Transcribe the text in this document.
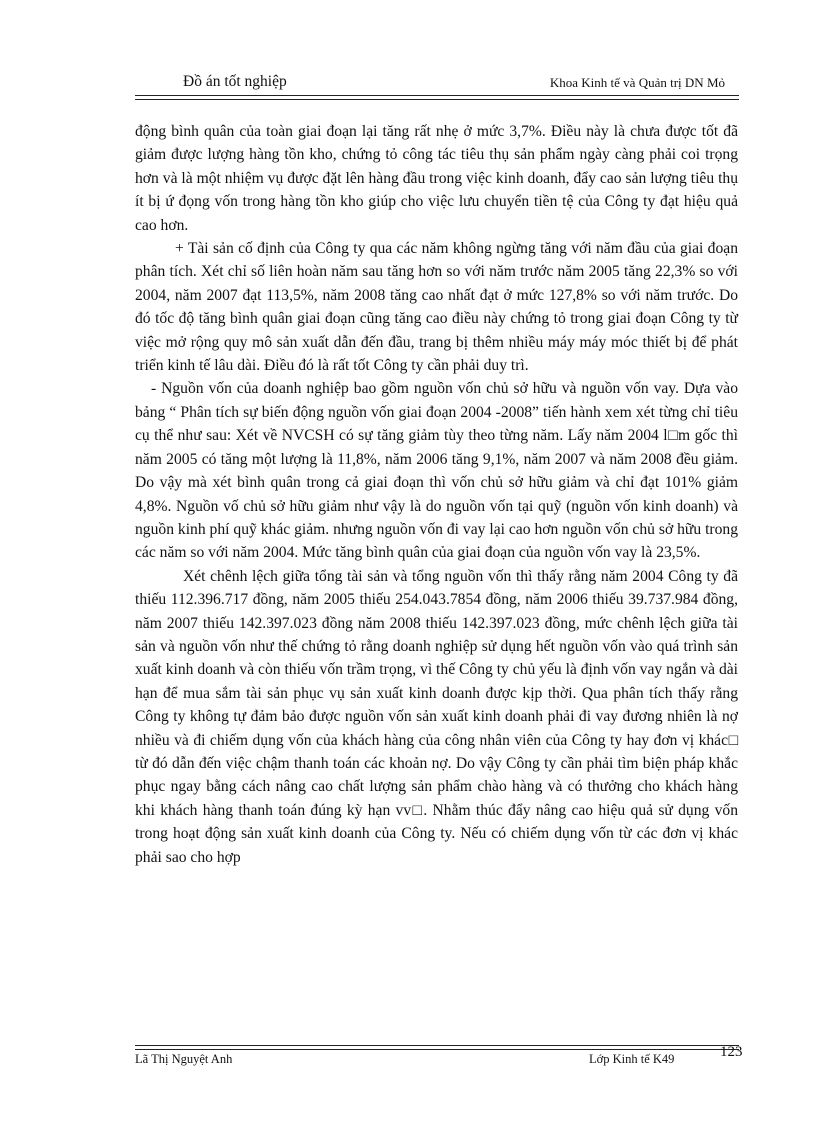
Đồ án tốt nghiệp	Khoa Kinh tế và Quản trị DN Mỏ

động bình quân của toàn giai đoạn lại tăng rất nhẹ ở mức 3,7%. Điều này là chưa được tốt đã giảm được lượng hàng tồn kho, chứng tỏ công tác tiêu thụ sản phẩm ngày càng phải coi trọng hơn và là một nhiệm vụ được đặt lên hàng đầu trong việc kinh doanh, đẩy cao sản lượng tiêu thụ ít bị ứ đọng vốn trong hàng tồn kho giúp cho việc lưu chuyển tiền tệ của Công ty đạt hiệu quả cao hơn.

+ Tài sản cố định của Công ty qua các năm không ngừng tăng với năm đầu của giai đoạn phân tích. Xét chỉ số liên hoàn năm sau tăng hơn so với năm trước năm 2005 tăng 22,3% so với 2004, năm 2007 đạt 113,5%, năm 2008 tăng cao nhất đạt ở mức 127,8% so với năm trước. Do đó tốc độ tăng bình quân giai đoạn cũng tăng cao điều này chứng tỏ trong giai đoạn Công ty từ việc mở rộng quy mô sản xuất dẫn đến đầu, trang bị thêm nhiều máy máy móc thiết bị để phát triển kinh tế lâu dài. Điều đó là rất tốt Công ty cần phải duy trì.

- Nguồn vốn của doanh nghiệp bao gồm nguồn vốn chủ sở hữu và nguồn vốn vay. Dựa vào bảng “ Phân tích sự biến động nguồn vốn giai đoạn 2004 -2008” tiến hành xem xét từng chỉ tiêu cụ thể như sau: Xét về NVCSH có sự tăng giảm tùy theo từng năm. Lấy năm 2004 l□m gốc thì năm 2005 có tăng một lượng là 11,8%, năm 2006 tăng 9,1%, năm 2007 và năm 2008 đều giảm. Do vậy mà xét bình quân trong cả giai đoạn thì vốn chủ sở hữu giảm và chỉ đạt 101% giảm 4,8%. Nguồn vố chủ sở hữu giảm như vậy là do nguồn vốn tại quỹ (nguồn vốn kinh doanh) và nguồn kinh phí quỹ khác giảm. nhưng nguồn vốn đi vay lại cao hơn nguồn vốn chủ sở hữu trong các năm so với năm 2004. Mức tăng bình quân của giai đoạn của nguồn vốn vay là 23,5%.

Xét chênh lệch giữa tổng tài sản và tổng nguồn vốn thì thấy rằng năm 2004 Công ty đã thiếu 112.396.717 đồng, năm 2005 thiếu 254.043.7854 đồng, năm 2006 thiếu 39.737.984 đồng, năm 2007 thiếu 142.397.023 đồng năm 2008 thiếu 142.397.023 đồng, mức chênh lệch giữa tài sản và nguồn vốn như thế chứng tỏ rằng doanh nghiệp sử dụng hết nguồn vốn vào quá trình sản xuất kinh doanh và còn thiếu vốn trầm trọng, vì thế Công ty chủ yếu là định vốn vay ngắn và dài hạn để mua sắm tài sản phục vụ sản xuất kinh doanh được kịp thời. Qua phân tích thấy rằng Công ty không tự đảm bảo được nguồn vốn sản xuất kinh doanh phải đi vay đương nhiên là nợ nhiều và đi chiếm dụng vốn của khách hàng của công nhân viên của Công ty hay đơn vị khác□ từ đó dẫn đến việc chậm thanh toán các khoản nợ. Do vậy Công ty cần phải tìm biện pháp khắc phục ngay bằng cách nâng cao chất lượng sản phẩm chào hàng và có thưởng cho khách hàng khi khách hàng thanh toán đúng kỳ hạn vv□. Nhằm thúc đẩy nâng cao hiệu quả sử dụng vốn trong hoạt động sản xuất kinh doanh của Công ty. Nếu có chiếm dụng vốn từ các đơn vị khác phải sao cho hợp

Lã Thị Nguyệt Anh	Lớp Kinh tế K49	123
